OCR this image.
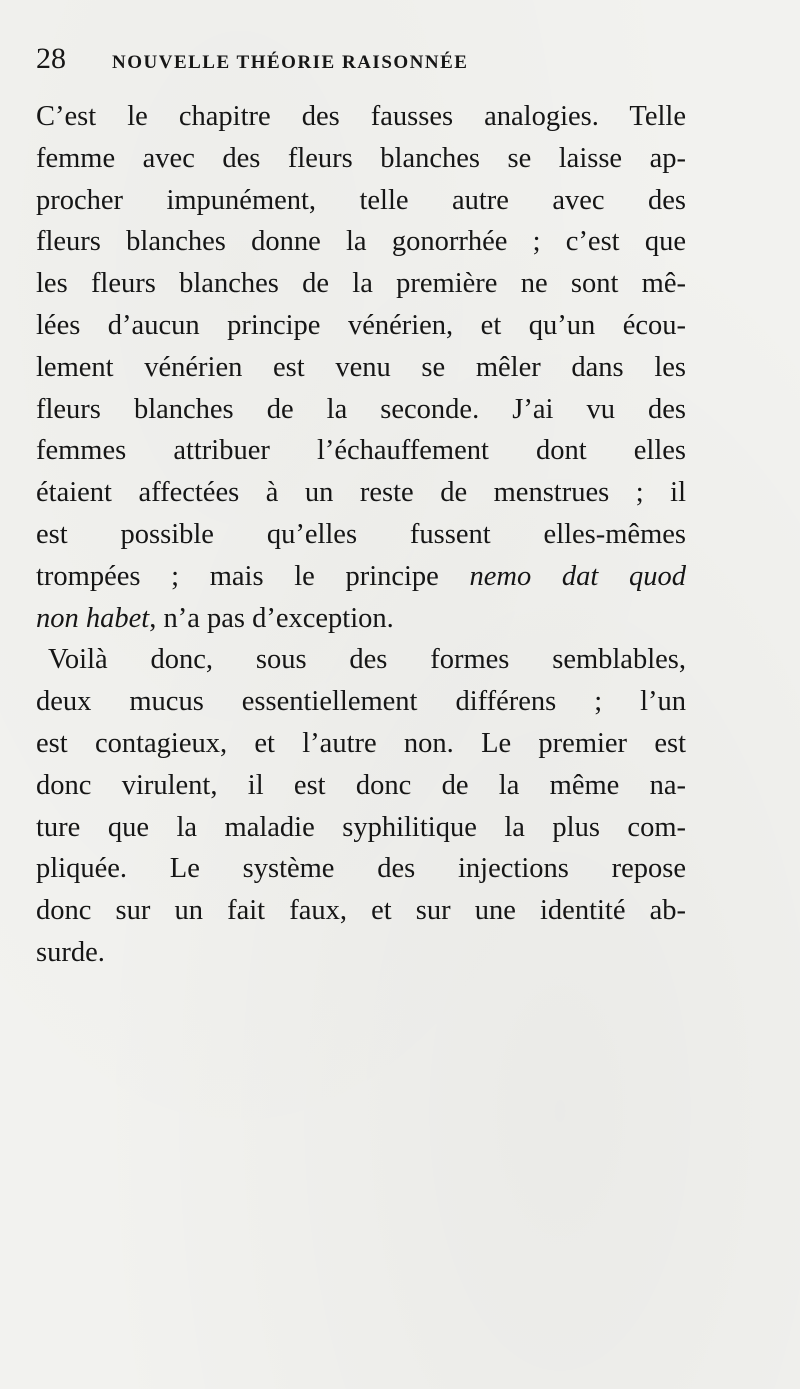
28 NOUVELLE THÉORIE RAISONNÉE
C’est le chapitre des fausses analogies. Telle
femme avec des fleurs blanches se laisse ap-
procher impunément, telle autre avec des
fleurs blanches donne la gonorrhée ; c’est que
les fleurs blanches de la première ne sont mê-
lées d’aucun principe vénérien, et qu’un écou-
lement vénérien est venu se mêler dans les
fleurs blanches de la seconde. J’ai vu des
femmes attribuer l’échauffement dont elles
étaient affectées à un reste de menstrues ; il
est possible qu’elles fussent elles-mêmes
trompées ; mais le principe nemo dat quod
non habet, n’a pas d’exception.
Voilà donc, sous des formes semblables,
deux mucus essentiellement différens ; l’un
est contagieux, et l’autre non. Le premier est
donc virulent, il est donc de la même na-
ture que la maladie syphilitique la plus com-
pliquée. Le système des injections repose
donc sur un fait faux, et sur une identité ab-
surde.
